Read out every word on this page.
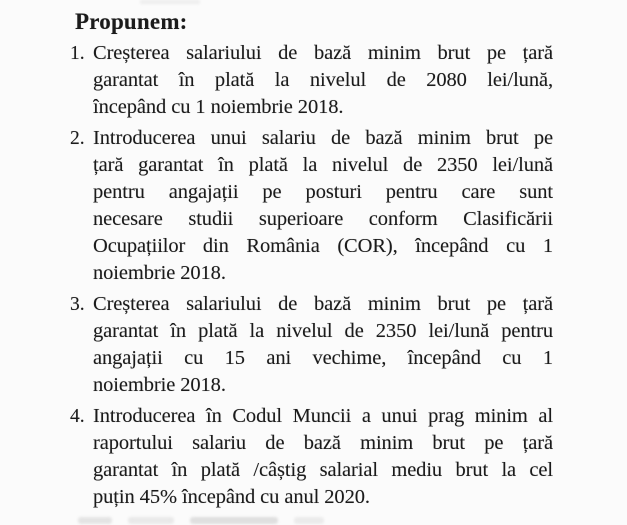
Propunem:
1. Creșterea salariului de bază minim brut pe țară
garantat în plată la nivelul de 2080 lei/lună,
începând cu 1 noiembrie 2018.
2. Introducerea unui salariu de bază minim brut pe
țară garantat în plată la nivelul de 2350 lei/lună
pentru angajații pe posturi pentru care sunt
necesare studii superioare conform Clasificării
Ocupațiilor din România (COR), începând cu 1
noiembrie 2018.
3. Creșterea salariului de bază minim brut pe țară
garantat în plată la nivelul de 2350 lei/lună pentru
angajații cu 15 ani vechime, începând cu 1
noiembrie 2018.
4. Introducerea în Codul Muncii a unui prag minim al
raportului salariu de bază minim brut pe țară
garantat în plată /câștig salarial mediu brut la cel
puțin 45% începând cu anul 2020.
